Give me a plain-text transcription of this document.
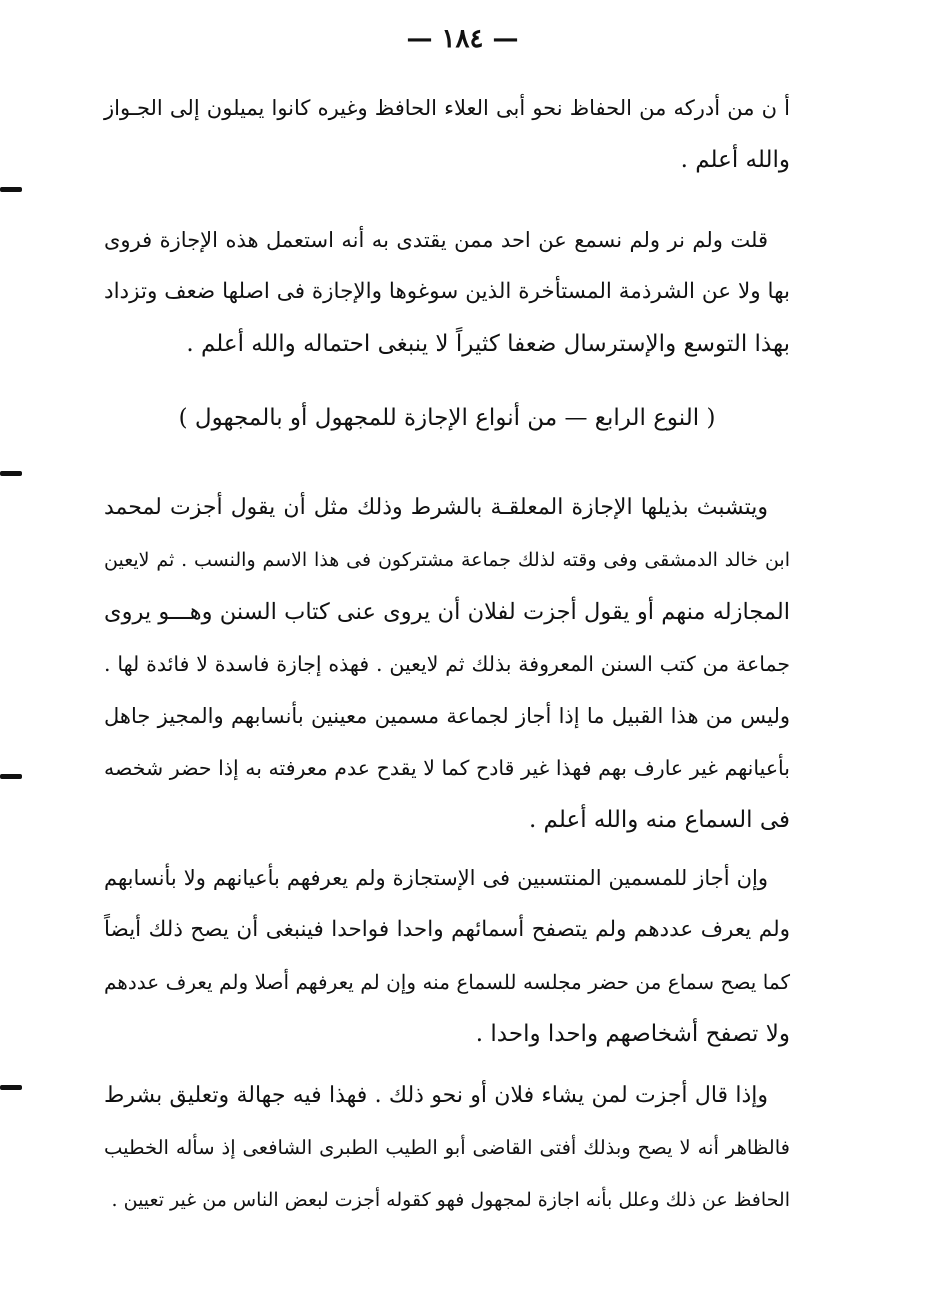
— ١٨٤ —
أ ن من أدركه من الحفاظ نحو أبى العلاء الحافظ وغيره كانوا يميلون إلى الجـواز
والله أعلم .
قلت ولم نر ولم نسمع عن احد ممن يقتدى به أنه استعمل هذه الإجازة فروى
بها ولا عن الشرذمة المستأخرة الذين سوغوها والإجازة فى اصلها ضعف وتزداد
بهذا التوسع والإسترسال ضعفا كثيراً لا ينبغى احتماله والله أعلم .
( النوع الرابع — من أنواع الإجازة للمجهول أو بالمجهول )
ويتشبث بذيلها الإجازة المعلقـة بالشرط وذلك مثل أن يقول أجزت لمحمد
ابن خالد الدمشقى وفى وقته لذلك جماعة مشتركون فى هذا الاسم والنسب . ثم لايعين
المجازله منهم أو يقول أجزت لفلان أن يروى عنى كتاب السنن وهـــو يروى
جماعة من كتب السنن المعروفة بذلك ثم لايعين . فهذه إجازة فاسدة لا فائدة لها .
وليس من هذا القبيل ما إذا أجاز لجماعة مسمين معينين بأنسابهم والمجيز جاهل
بأعيانهم غير عارف بهم فهذا غير قادح كما لا يقدح عدم معرفته به إذا حضر شخصه
فى السماع منه والله أعلم .
وإن أجاز للمسمين المنتسبين فى الإستجازة ولم يعرفهم بأعيانهم ولا بأنسابهم
ولم يعرف عددهم ولم يتصفح أسمائهم واحدا فواحدا فينبغى أن يصح ذلك أيضاً
كما يصح سماع من حضر مجلسه للسماع منه وإن لم يعرفهم أصلا ولم يعرف عددهم
ولا تصفح أشخاصهم واحدا واحدا .
وإذا قال أجزت لمن يشاء فلان أو نحو ذلك . فهذا فيه جهالة وتعليق بشرط
فالظاهر أنه لا يصح وبذلك أفتى القاضى أبو الطيب الطبرى الشافعى إذ سأله الخطيب
الحافظ عن ذلك وعلل بأنه اجازة لمجهول فهو كقوله أجزت لبعض الناس من غير تعيين .
